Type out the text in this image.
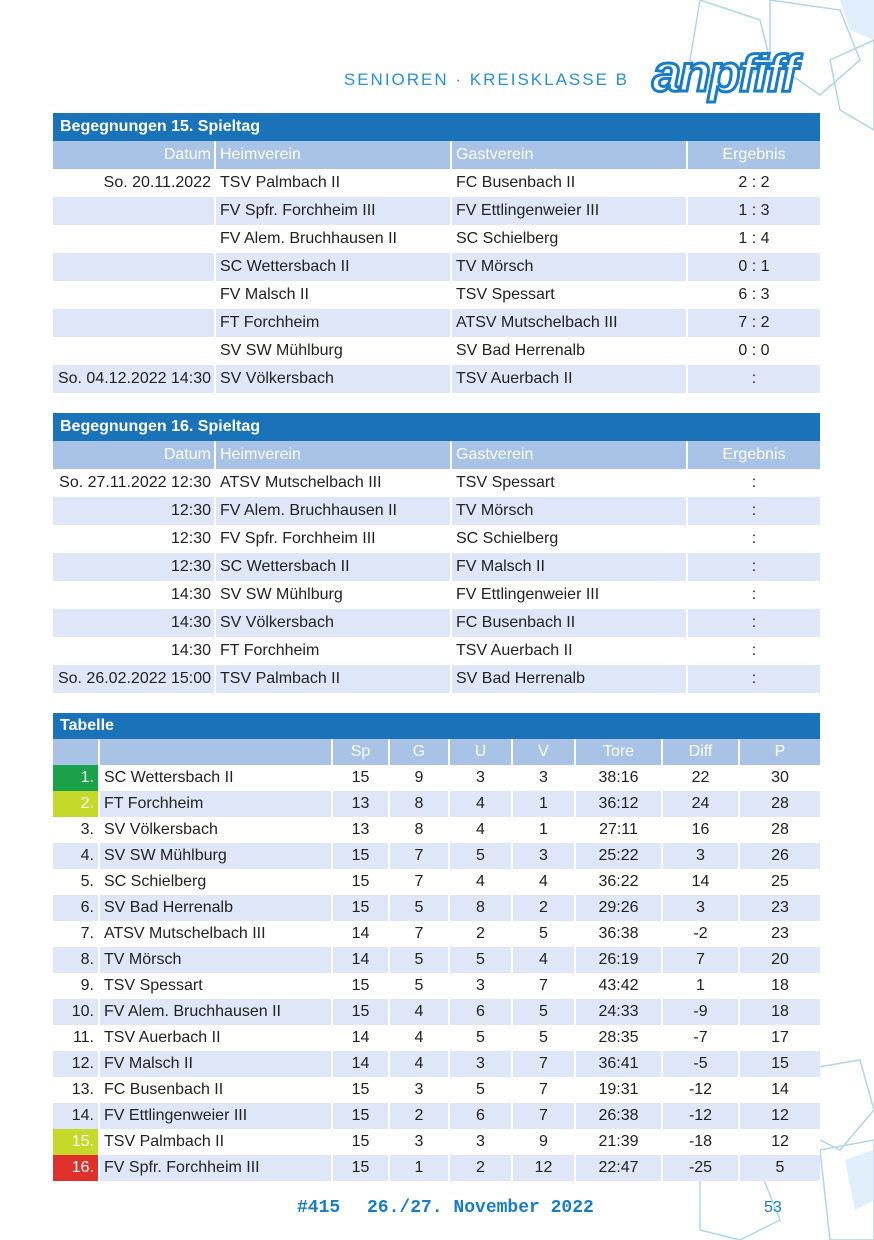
SENIOREN · KREISKLASSE B anpfiff
Begegnungen 15. Spieltag
Datum	Heimverein	Gastverein	Ergebnis
So. 20.11.2022	TSV Palmbach II	FC Busenbach II	2 : 2
	FV Spfr. Forchheim III	FV Ettlingenweier III	1 : 3
	FV Alem. Bruchhausen II	SC Schielberg	1 : 4
	SC Wettersbach II	TV Mörsch	0 : 1
	FV Malsch II	TSV Spessart	6 : 3
	FT Forchheim	ATSV Mutschelbach III	7 : 2
	SV SW Mühlburg	SV Bad Herrenalb	0 : 0
So. 04.12.2022 14:30	SV Völkersbach	TSV Auerbach II	:
Begegnungen 16. Spieltag
Datum	Heimverein	Gastverein	Ergebnis
So. 27.11.2022 12:30	ATSV Mutschelbach III	TSV Spessart	:
12:30	FV Alem. Bruchhausen II	TV Mörsch	:
12:30	FV Spfr. Forchheim III	SC Schielberg	:
12:30	SC Wettersbach II	FV Malsch II	:
14:30	SV SW Mühlburg	FV Ettlingenweier III	:
14:30	SV Völkersbach	FC Busenbach II	:
14:30	FT Forchheim	TSV Auerbach II	:
So. 26.02.2022 15:00	TSV Palmbach II	SV Bad Herrenalb	:
Tabelle
		Sp	G	U	V	Tore	Diff	P
1.	SC Wettersbach II	15	9	3	3	38:16	22	30
2.	FT Forchheim	13	8	4	1	36:12	24	28
3.	SV Völkersbach	13	8	4	1	27:11	16	28
4.	SV SW Mühlburg	15	7	5	3	25:22	3	26
5.	SC Schielberg	15	7	4	4	36:22	14	25
6.	SV Bad Herrenalb	15	5	8	2	29:26	3	23
7.	ATSV Mutschelbach III	14	7	2	5	36:38	-2	23
8.	TV Mörsch	14	5	5	4	26:19	7	20
9.	TSV Spessart	15	5	3	7	43:42	1	18
10.	FV Alem. Bruchhausen II	15	4	6	5	24:33	-9	18
11.	TSV Auerbach II	14	4	5	5	28:35	-7	17
12.	FV Malsch II	14	4	3	7	36:41	-5	15
13.	FC Busenbach II	15	3	5	7	19:31	-12	14
14.	FV Ettlingenweier III	15	2	6	7	26:38	-12	12
15.	TSV Palmbach II	15	3	3	9	21:39	-18	12
16.	FV Spfr. Forchheim III	15	1	2	12	22:47	-25	5
#415 26./27. November 2022	53
